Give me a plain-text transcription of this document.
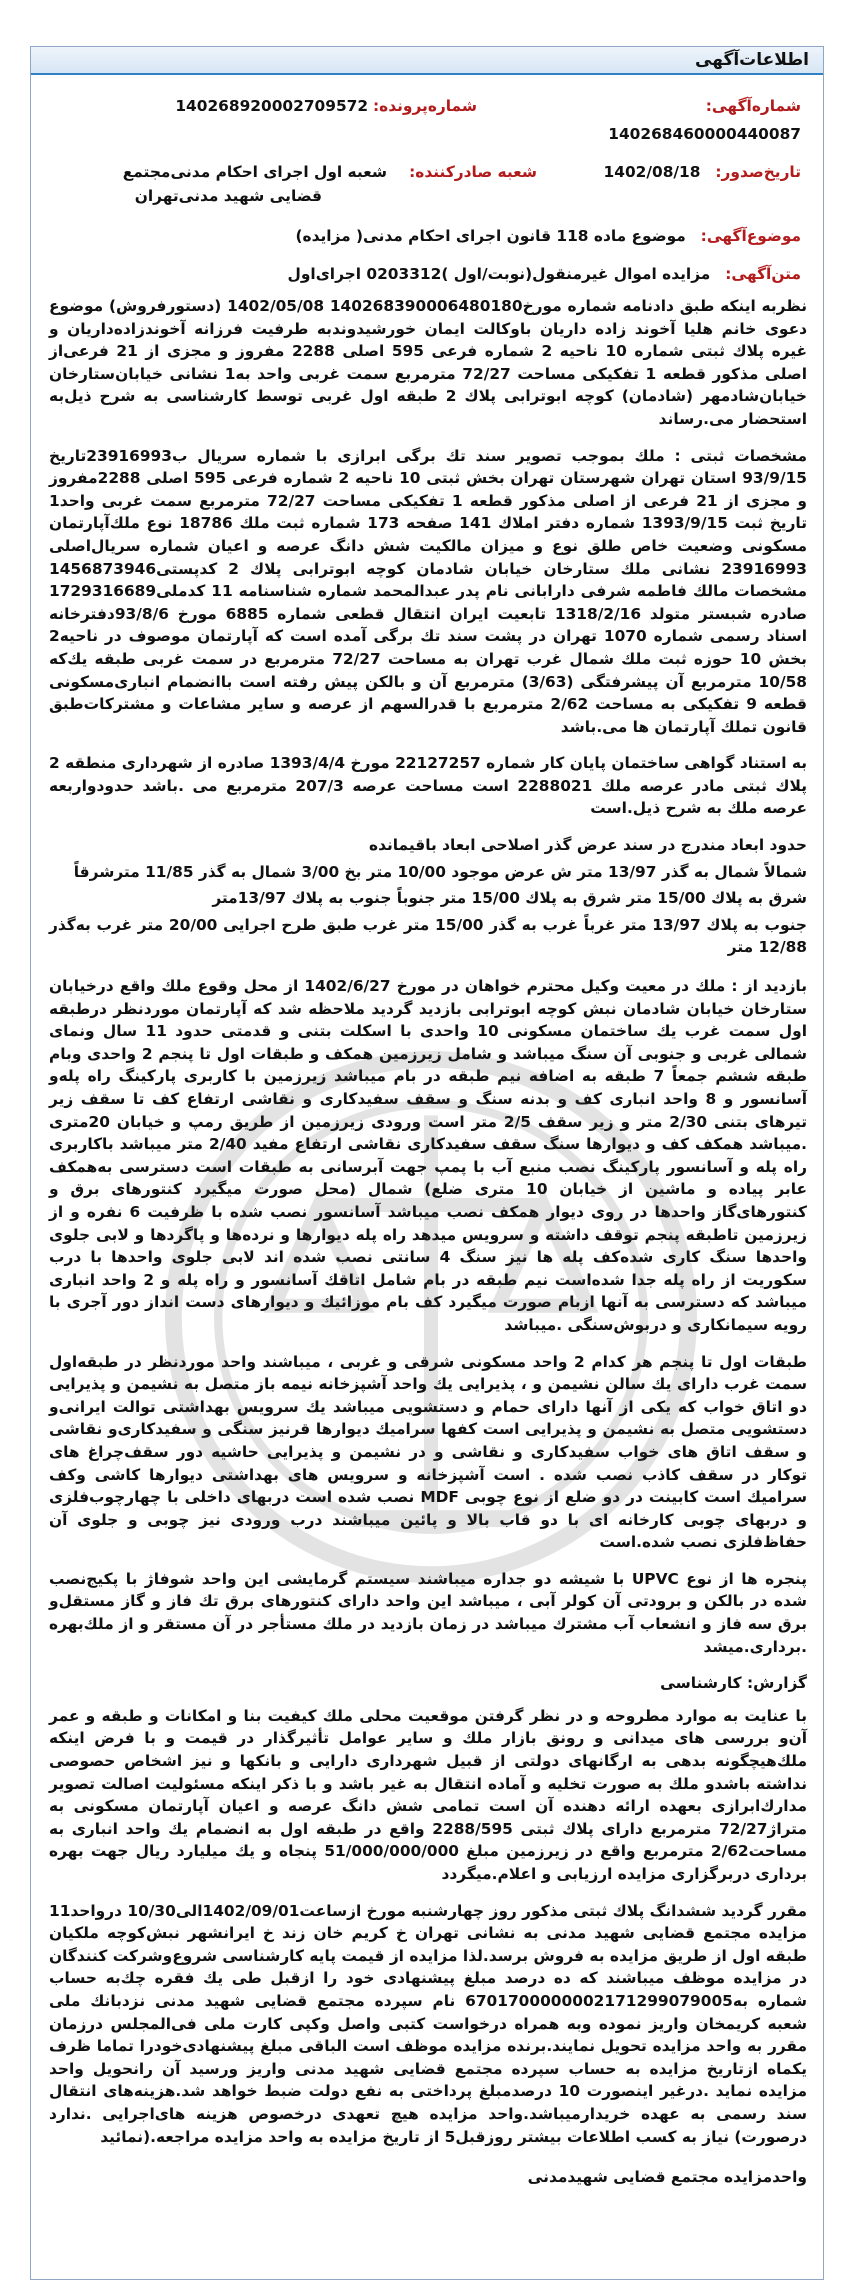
اطلاعات‌آگهی
شماره‌آگهی:
140268460000440087
شماره‌پرونده: 140268920002709572
تاریخ‌صدور: 1402/08/18
شعبه صادر‌کننده:
شعبه اول اجرای احکام مدنی‌مجتمع
قضایی شهید مدنی‌تهران
موضوع‌آگهی: موضوع ماده 118 قانون اجرای احکام مدنی( مزایده)
متن‌آگهی: مزایده اموال غیرمنقول(نوبت/اول )0203312 اجرای‌اول

نظربه اینکه طبق دادنامه شماره مورخ140268390006480180 1402/05/08 (دستورفروش) موضوع دعوی خانم هلیا آخوند زاده داریان باوکالت ایمان خورشیدوندبه طرفیت فرزانه آخوندزاده‌داریان و غیره پلاك ثبتی شماره 10 ناحیه 2 شماره فرعی 595 اصلی 2288 مفروز و مجزی از 21 فرعی‌از اصلی مذکور قطعه 1 تفکیکی مساحت 72/27 مترمربع سمت غربی واحد به1 نشانی خیابان‌ستارخان خیابان‌شادمهر (شادمان) کوچه ابوترابی پلاك 2 طبقه اول غربی توسط کارشناسی به شرح ذیل‌به استحضار می.رساند

مشخصات ثبتی : ملك بموجب تصویر سند تك برگی ابرازی با شماره سریال ب23916993تاریخ 93/9/15 استان تهران شهرستان تهران بخش ثبتی 10 ناحیه 2 شماره فرعی 595 اصلی 2288مفروز و مجزی از 21 فرعی از اصلی مذکور قطعه 1 تفکیکی مساحت 72/27 مترمربع سمت غربی واحد1 تاریخ ثبت 1393/9/15 شماره دفتر املاك 141 صفحه 173 شماره ثبت ملك 18786 نوع ملك‌آپارتمان مسکونی وضعیت خاص طلق نوع و میزان مالکیت شش دانگ عرصه و اعیان شماره سریال‌اصلی 23916993 نشانی ملك ستارخان خیابان شادمان کوچه ابوترابی پلاك 2 کدپستی1456873946 مشخصات مالك فاطمه شرفی دارابانی نام پدر عبدالمحمد شماره شناسنامه 11 کدملی1729316689 صادره شبستر متولد 1318/2/16 تابعیت ایران انتقال قطعی شماره 6885 مورخ 93/8/6دفترخانه اسناد رسمی شماره 1070 تهران در پشت سند تك برگی آمده است که آپارتمان موصوف در ناحیه2 بخش 10 حوزه ثبت ملك شمال غرب تهران به مساحت 72/27 مترمربع در سمت غربی طبقه یك‌که 10/58 مترمربع آن پیشرفتگی (3/63) مترمربع آن و بالکن پیش رفته است باانضمام انباری‌مسکونی قطعه 9 تفکیکی به مساحت 2/62 مترمربع با قدرالسهم از عرصه و سایر مشاعات و مشترکات‌طبق قانون تملك آپارتمان ها می.باشد

به استناد گواهی ساختمان پایان کار شماره 22127257 مورخ 1393/4/4 صادره از شهرداری منطقه 2 پلاك ثبتی مادر عرصه ملك 2288021 است مساحت عرصه 207/3 مترمربع می .باشد حدودواربعه عرصه ملك به شرح ذیل.است

حدود ابعاد مندرج در سند عرض گذر اصلاحی ابعاد باقیمانده
شمالاً شمال به گذر 13/97 متر ش عرض موجود 10/00 متر بخ 3/00 شمال به گذر 11/85 مترشرقاً
شرق به پلاك 15/00 متر شرق به پلاك 15/00 متر جنوباً جنوب به پلاك 13/97متر
جنوب به پلاك 13/97 متر غرباً غرب به گذر 15/00 متر غرب طبق طرح اجرایی 20/00 متر غرب به‌گذر 12/88 متر

بازدید از : ملك در معیت وکیل محترم خواهان در مورخ 1402/6/27 از محل وقوع ملك واقع درخیابان ستارخان خیابان شادمان نبش کوچه ابوترابی بازدید گردید ملاحظه شد که آپارتمان موردنظر درطبقه اول سمت غرب یك ساختمان مسکونی 10 واحدی با اسکلت بتنی و قدمتی حدود 11 سال ونمای شمالی غربی و جنوبی آن سنگ میباشد و شامل زیرزمین همکف و طبقات اول تا پنجم 2 واحدی وبام طبقه ششم جمعاً 7 طبقه به اضافه نیم طبقه در بام میباشد زیرزمین با کاربری پارکینگ راه پله‌و آسانسور و 8 واحد انباری کف و بدنه سنگ و سقف سفیدکاری و نقاشی ارتفاع کف تا سقف زیر تیرهای بتنی 2/30 متر و زیر سقف 2/5 متر است ورودی زیرزمین از طریق رمپ و خیابان 20متری .میباشد همکف کف و دیوارها سنگ سقف سفیدکاری نقاشی ارتفاع مفید 2/40 متر میباشد باکاربری راه پله و آسانسور پارکینگ نصب منبع آب با پمپ جهت آبرسانی به طبقات است دسترسی به‌همکف عابر پیاده و ماشین از خیابان 10 متری ضلع) شمال (محل صورت میگیرد کنتورهای برق و کنتورهای‌گاز واحدها در روی دیوار همکف نصب میباشد آسانسور نصب شده با ظرفیت 6 نفره و از زیرزمین تاطبقه پنجم توقف داشته و سرویس میدهد راه پله دیوارها و نرده‌ها و پاگردها و لابی جلوی واحدها سنگ کاری شده‌کف پله ها نیز سنگ 4 سانتی نصب شده اند لابی جلوی واحدها با درب سکوریت از راه پله جدا شده‌است نیم طبقه در بام شامل اتاقك آسانسور و راه پله و 2 واحد انباری میباشد که دسترسی به آنها ازبام صورت میگیرد کف بام موزائیك و دیوارهای دست انداز دور آجری با رویه سیمانکاری و دربوش‌سنگی .میباشد

طبقات اول تا پنجم هر کدام 2 واحد مسکونی شرقی و غربی ، میباشند واحد موردنظر در طبقه‌اول سمت غرب دارای یك سالن نشیمن و ، پذیرایی یك واحد آشپزخانه نیمه باز متصل به نشیمن و پذیرایی دو اتاق خواب که یکی از آنها دارای حمام و دستشویی میباشد یك سرویس بهداشتی توالت ایرانی‌و دستشویی متصل به نشیمن و پذیرایی است کفها سرامیك دیوارها قرنیز سنگی و سفیدکاری‌و نقاشی و سقف اتاق های خواب سفیدکاری و نقاشی و در نشیمن و پذیرایی حاشیه دور سقف‌چراغ های توکار در سقف کاذب نصب شده . است آشپزخانه و سرویس های بهداشتی دیوارها کاشی وکف سرامیك است کابینت در دو ضلع از نوع چوبی MDF نصب شده است دربهای داخلی با چهارچوب‌فلزی و دربهای چوبی کارخانه ای با دو قاب بالا و پائین میباشند درب ورودی نیز چوبی و جلوی آن حفاظ‌فلزی نصب شده.است

پنجره ها از نوع UPVC با شیشه دو جداره میباشند سیستم گرمایشی این واحد شوفاژ با پکیج‌نصب شده در بالکن و برودتی آن کولر آبی ، میباشد این واحد دارای کنتورهای برق تك فاز و گاز مستقل‌و برق سه فاز و انشعاب آب مشترك میباشد در زمان بازدید در ملك مستأجر در آن مستقر و از ملك‌بهره .برداری.میشد

گزارش: کارشناسی

با عنایت به موارد مطروحه و در نظر گرفتن موقعیت محلی ملك کیفیت بنا و امکانات و طبقه و عمر آن‌و بررسی های میدانی و رونق بازار ملك و سایر عوامل تأثیرگذار در قیمت و با فرض اینکه ملك‌هیچگونه بدهی به ارگانهای دولتی از قبیل شهرداری دارایی و بانکها و نیز اشخاص حصوصی نداشته باشدو ملك به صورت تخلیه و آماده انتقال به غیر باشد و با ذکر اینکه مسئولیت اصالت تصویر مدارك‌ابرازی بعهده ارائه دهنده آن است تمامی شش دانگ عرصه و اعیان آپارتمان مسکونی به متراژ72/27 مترمربع دارای پلاك ثبتی 2288/595 واقع در طبقه اول به انضمام یك واحد انباری به مساحت2/62 مترمربع واقع در زیرزمین مبلغ 51/000/000/000 پنجاه و یك میلیارد ریال جهت بهره برداری دربرگزاری مزایده ارزیابی و اعلام.میگردد

مقرر گردید ششدانگ پلاك ثبتی مذکور روز چهارشنبه مورخ ازساعت1402/09/01الی10/30 درواحد11 مزایده مجتمع قضایی شهید مدنی به نشانی تهران خ کریم خان زند خ ایرانشهر نبش‌کوچه ملکیان طبقه اول از طریق مزایده به فروش برسد.لذا مزایده از قیمت پایه کارشناسی شروع‌وشرکت کنندگان در مزایده موظف میباشند که ده درصد مبلغ پیشنهادی خود را ازقبل طی یك فقره چك‌به حساب شماره به6701700000002171299079005 نام سپرده مجتمع قضایی شهید مدنی نزدبانك ملی شعبه کریمخان واریز نموده وبه همراه درخواست کتبی واصل وکپی کارت ملی فی‌المجلس درزمان مقرر به واحد مزایده تحویل نمایند.برنده مزایده موظف است الباقی مبلغ پیشنهادی‌خودرا تماما ظرف یکماه ازتاریخ مزایده به حساب سپرده مجتمع قضایی شهید مدنی واریز ورسید آن رانحویل واحد مزایده نماید .درغیر اینصورت 10 درصدمبلغ پرداختی به نفع دولت ضبط خواهد شد.هزینه‌های انتقال سند رسمی به عهده خریدارمیباشد.واحد مزایده هیچ تعهدی درخصوص هزینه های‌اجرایی .ندارد درصورت) نیاز به کسب اطلاعات بیشتر روزقبل5 از تاریخ مزایده به واحد مزایده مراجعه.(نمائید

واحدمزایده مجتمع قضایی شهیدمدنی
